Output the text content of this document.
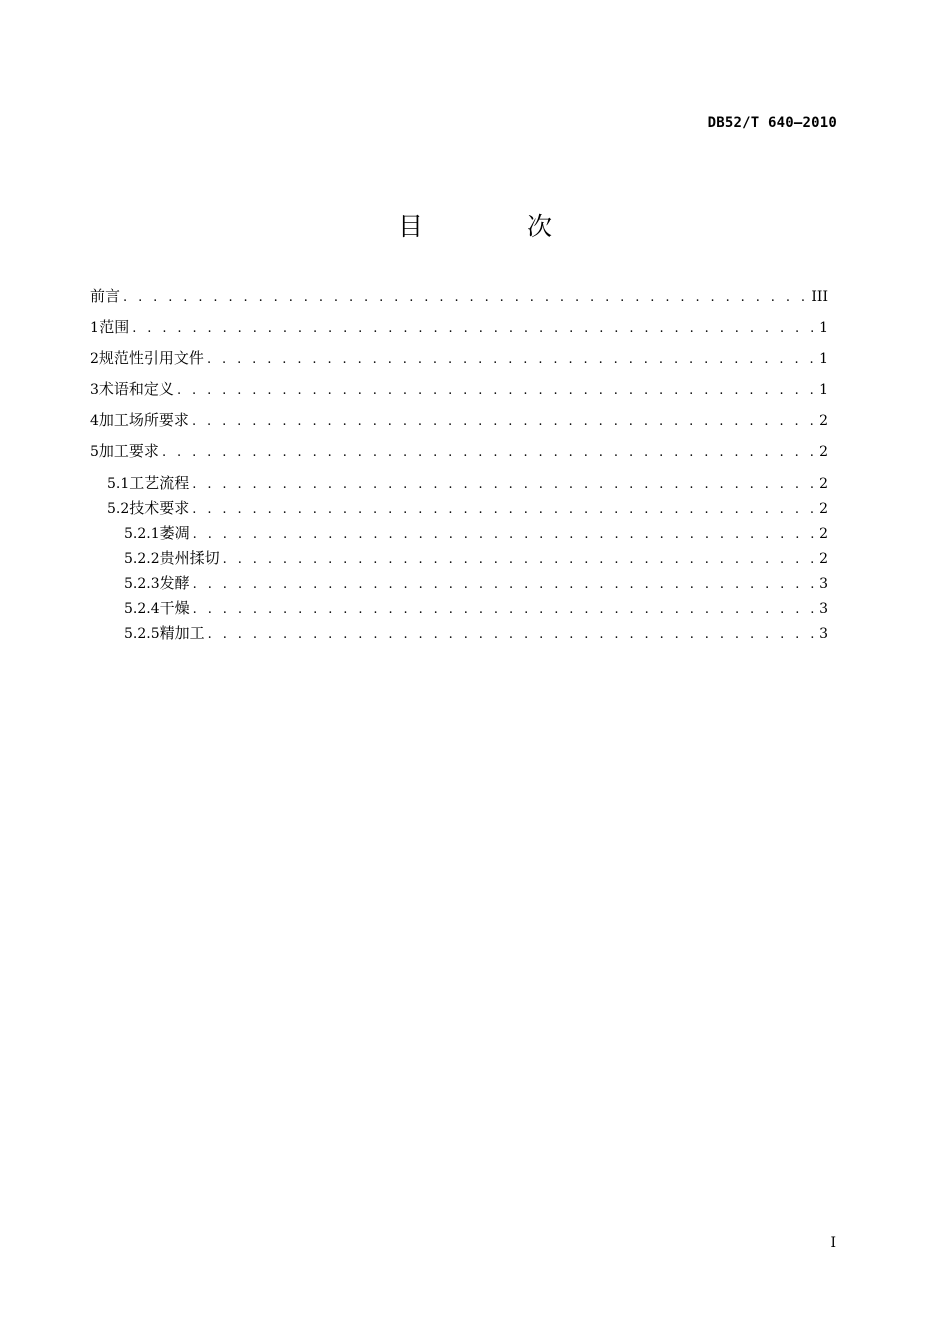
DB52/T 640—2010
目 次
前言 . . .	III
1 范围 . . .	1
2 规范性引用文件 . . .	1
3 术语和定义 . . .	1
4 加工场所要求 . . .	2
5 加工要求 . . .	2
5.1 工艺流程 . . .	2
5.2 技术要求 . . .	2
5.2.1 萎凋 . . .	2
5.2.2 贵州揉切 . . .	2
5.2.3 发酵 . . .	3
5.2.4 干燥 . . .	3
5.2.5 精加工 . . .	3
I
